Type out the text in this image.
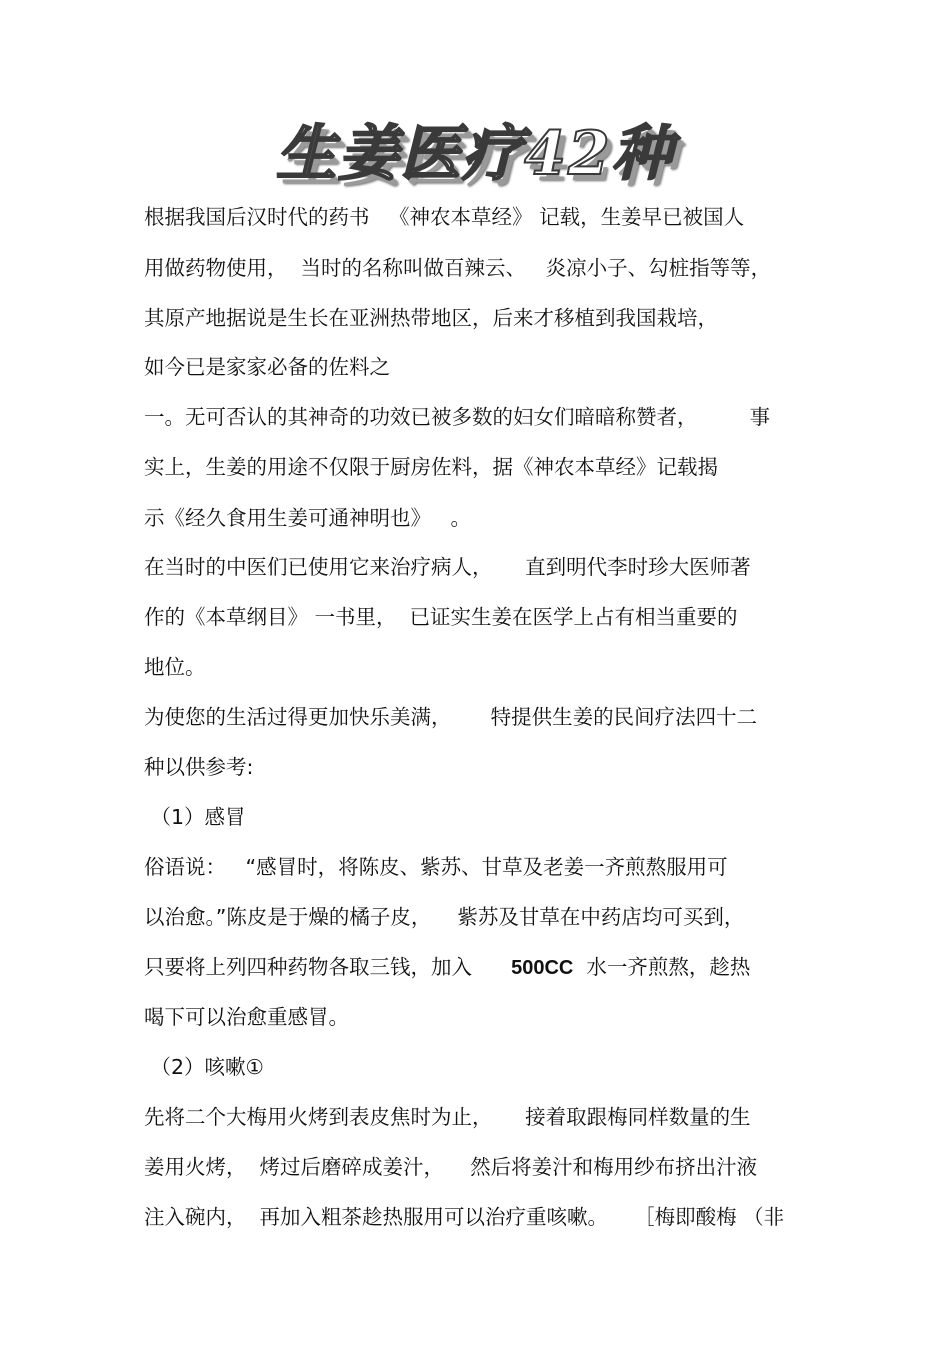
生姜医疗42种
根据我国后汉时代的药书   《神农本草经》 记载，生姜早已被国人
用做药物使用，  当时的名称叫做百辣云、   炎凉小子、勾桩指等等，
其原产地据说是生长在亚洲热带地区，后来才移植到我国栽培，
如今已是家家必备的佐料之
一。无可否认的其神奇的功效已被多数的妇女们暗暗称赞者，        事
实上，生姜的用途不仅限于厨房佐料，据《神农本草经》记载揭
示《经久食用生姜可通神明也》   。
在当时的中医们已使用它来治疗病人，     直到明代李时珍大医师著
作的《本草纲目》 一书里，  已证实生姜在医学上占有相当重要的
地位。
为使您的生活过得更加快乐美满，      特提供生姜的民间疗法四十二
种以供参考:
（1）感冒
俗语说：   “感冒时，将陈皮、紫苏、甘草及老姜一齐煎熬服用可
以治愈。”陈皮是于燥的橘子皮，    紫苏及甘草在中药店均可买到，
只要将上列四种药物各取三钱，加入      500CC  水一齐煎熬，趁热
喝下可以治愈重感冒。
（2）咳嗽①
先将二个大梅用火烤到表皮焦时为止，     接着取跟梅同样数量的生
姜用火烤，  烤过后磨碎成姜汁，    然后将姜汁和梅用纱布挤出汁液
注入碗内，  再加入粗茶趁热服用可以治疗重咳嗽。    ［梅即酸梅 （非
